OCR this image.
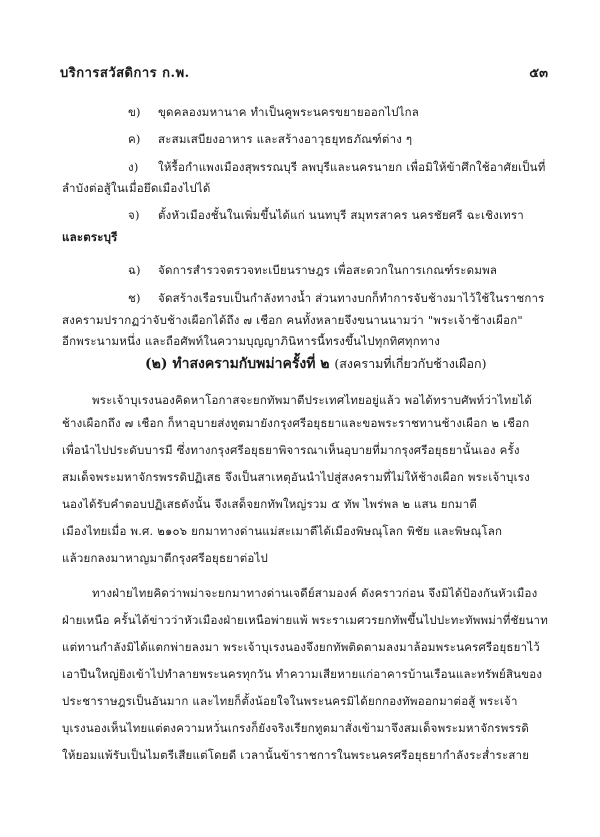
บริการสวัสดิการ ก.พ.	๕๓
ข) ขุดคลองมหานาค ทำเป็นคูพระนครขยายออกไปไกล
ค) สะสมเสบียงอาหาร และสร้างอาวุธยุทธภัณฑ์ต่าง ๆ
ง) ให้รื้อกำแพงเมืองสุพรรณบุรี ลพบุรีและนครนายก เพื่อมิให้ข้าศึกใช้อาศัยเป็นที่
ลำบังต่อสู้ในเมื่อยึดเมืองไปได้
จ) ตั้งหัวเมืองชั้นในเพิ่มขึ้นได้แก่ นนทบุรี สมุทรสาคร นครชัยศรี ฉะเชิงเทรา
และตระบุรี
ฉ) จัดการสำรวจตรวจทะเบียนราษฎร เพื่อสะดวกในการเกณฑ์ระดมพล
ช) จัดสร้างเรือรบเป็นกำลังทางน้ำ ส่วนทางบกก็ทำการจับช้างมาไว้ใช้ในราชการ
สงครามปรากฏว่าจับช้างเผือกได้ถึง ๗ เชือก คนทั้งหลายจึงขนานนามว่า "พระเจ้าช้างเผือก"
อีกพระนามหนึ่ง และถือศัพท์ในความบุญญาภินิหารนี้ทรงขึ้นไปทุกทิศทุกทาง
(๒) ทำสงครามกับพม่าครั้งที่ ๒ (สงครามที่เกี่ยวกับช้างเผือก)
พระเจ้าบุเรงนองคิดหาโอกาสจะยกทัพมาตีประเทศไทยอยู่แล้ว พอได้ทราบศัพท์ว่าไทยได้
ช้างเผือกถึง ๗ เชือก ก็หาอุบายส่งทูตมายังกรุงศรีอยุธยาและขอพระราชทานช้างเผือก ๒ เชือก
เพื่อนำไปประดับบารมี ซึ่งทางกรุงศรีอยุธยาพิจารณาเห็นอุบายที่มากรุงศรีอยุธยานั้นเอง ครั้ง
สมเด็จพระมหาจักรพรรดิปฏิเสธ จึงเป็นสาเหตุอันนำไปสู่สงครามที่ไม่ให้ช้างเผือก พระเจ้าบุเรง
นองได้รับคำตอบปฏิเสธดังนั้น จึงเสด็จยกทัพใหญ่รวม ๕ ทัพ ไพร่พล ๒ แสน ยกมาตี
เมืองไทยเมื่อ พ.ศ. ๒๑๐๖ ยกมาทางด่านแม่สะเมาตีได้เมืองพิษณุโลก พิชัย และพิษณุโลก
แล้วยกลงมาหาญมาตีกรุงศรีอยุธยาต่อไป
ทางฝ่ายไทยคิดว่าพม่าจะยกมาทางด่านเจดีย์สามองค์ ดังคราวก่อน จึงมิได้ป้องกันหัวเมือง
ฝ่ายเหนือ ครั้นได้ข่าวว่าหัวเมืองฝ่ายเหนือพ่ายแพ้ พระราเมศวรยกทัพขึ้นไปปะทะทัพพม่าที่ชัยนาท
แต่ทานกำลังมิได้แตกพ่ายลงมา พระเจ้าบุเรงนองจึงยกทัพติดตามลงมาล้อมพระนครศรีอยุธยาไว้
เอาปืนใหญ่ยิงเข้าไปทำลายพระนครทุกวัน ทำความเสียหายแก่อาคารบ้านเรือนและทรัพย์สินของ
ประชาราษฎรเป็นอันมาก และไทยก็ตั้งน้อยใจในพระนครมิได้ยกกองทัพออกมาต่อสู้ พระเจ้า
บุเรงนองเห็นไทยแต่ตงความหวั่นเกรงก็ยังจริงเรียกทูตมาสั่งเข้ามาจึงสมเด็จพระมหาจักรพรรดิ
ให้ยอมแพ้รับเป็นไมตรีเสียแต่โดยดี เวลานั้นข้าราชการในพระนครศรีอยุธยากำลังระส่ำระสาย
